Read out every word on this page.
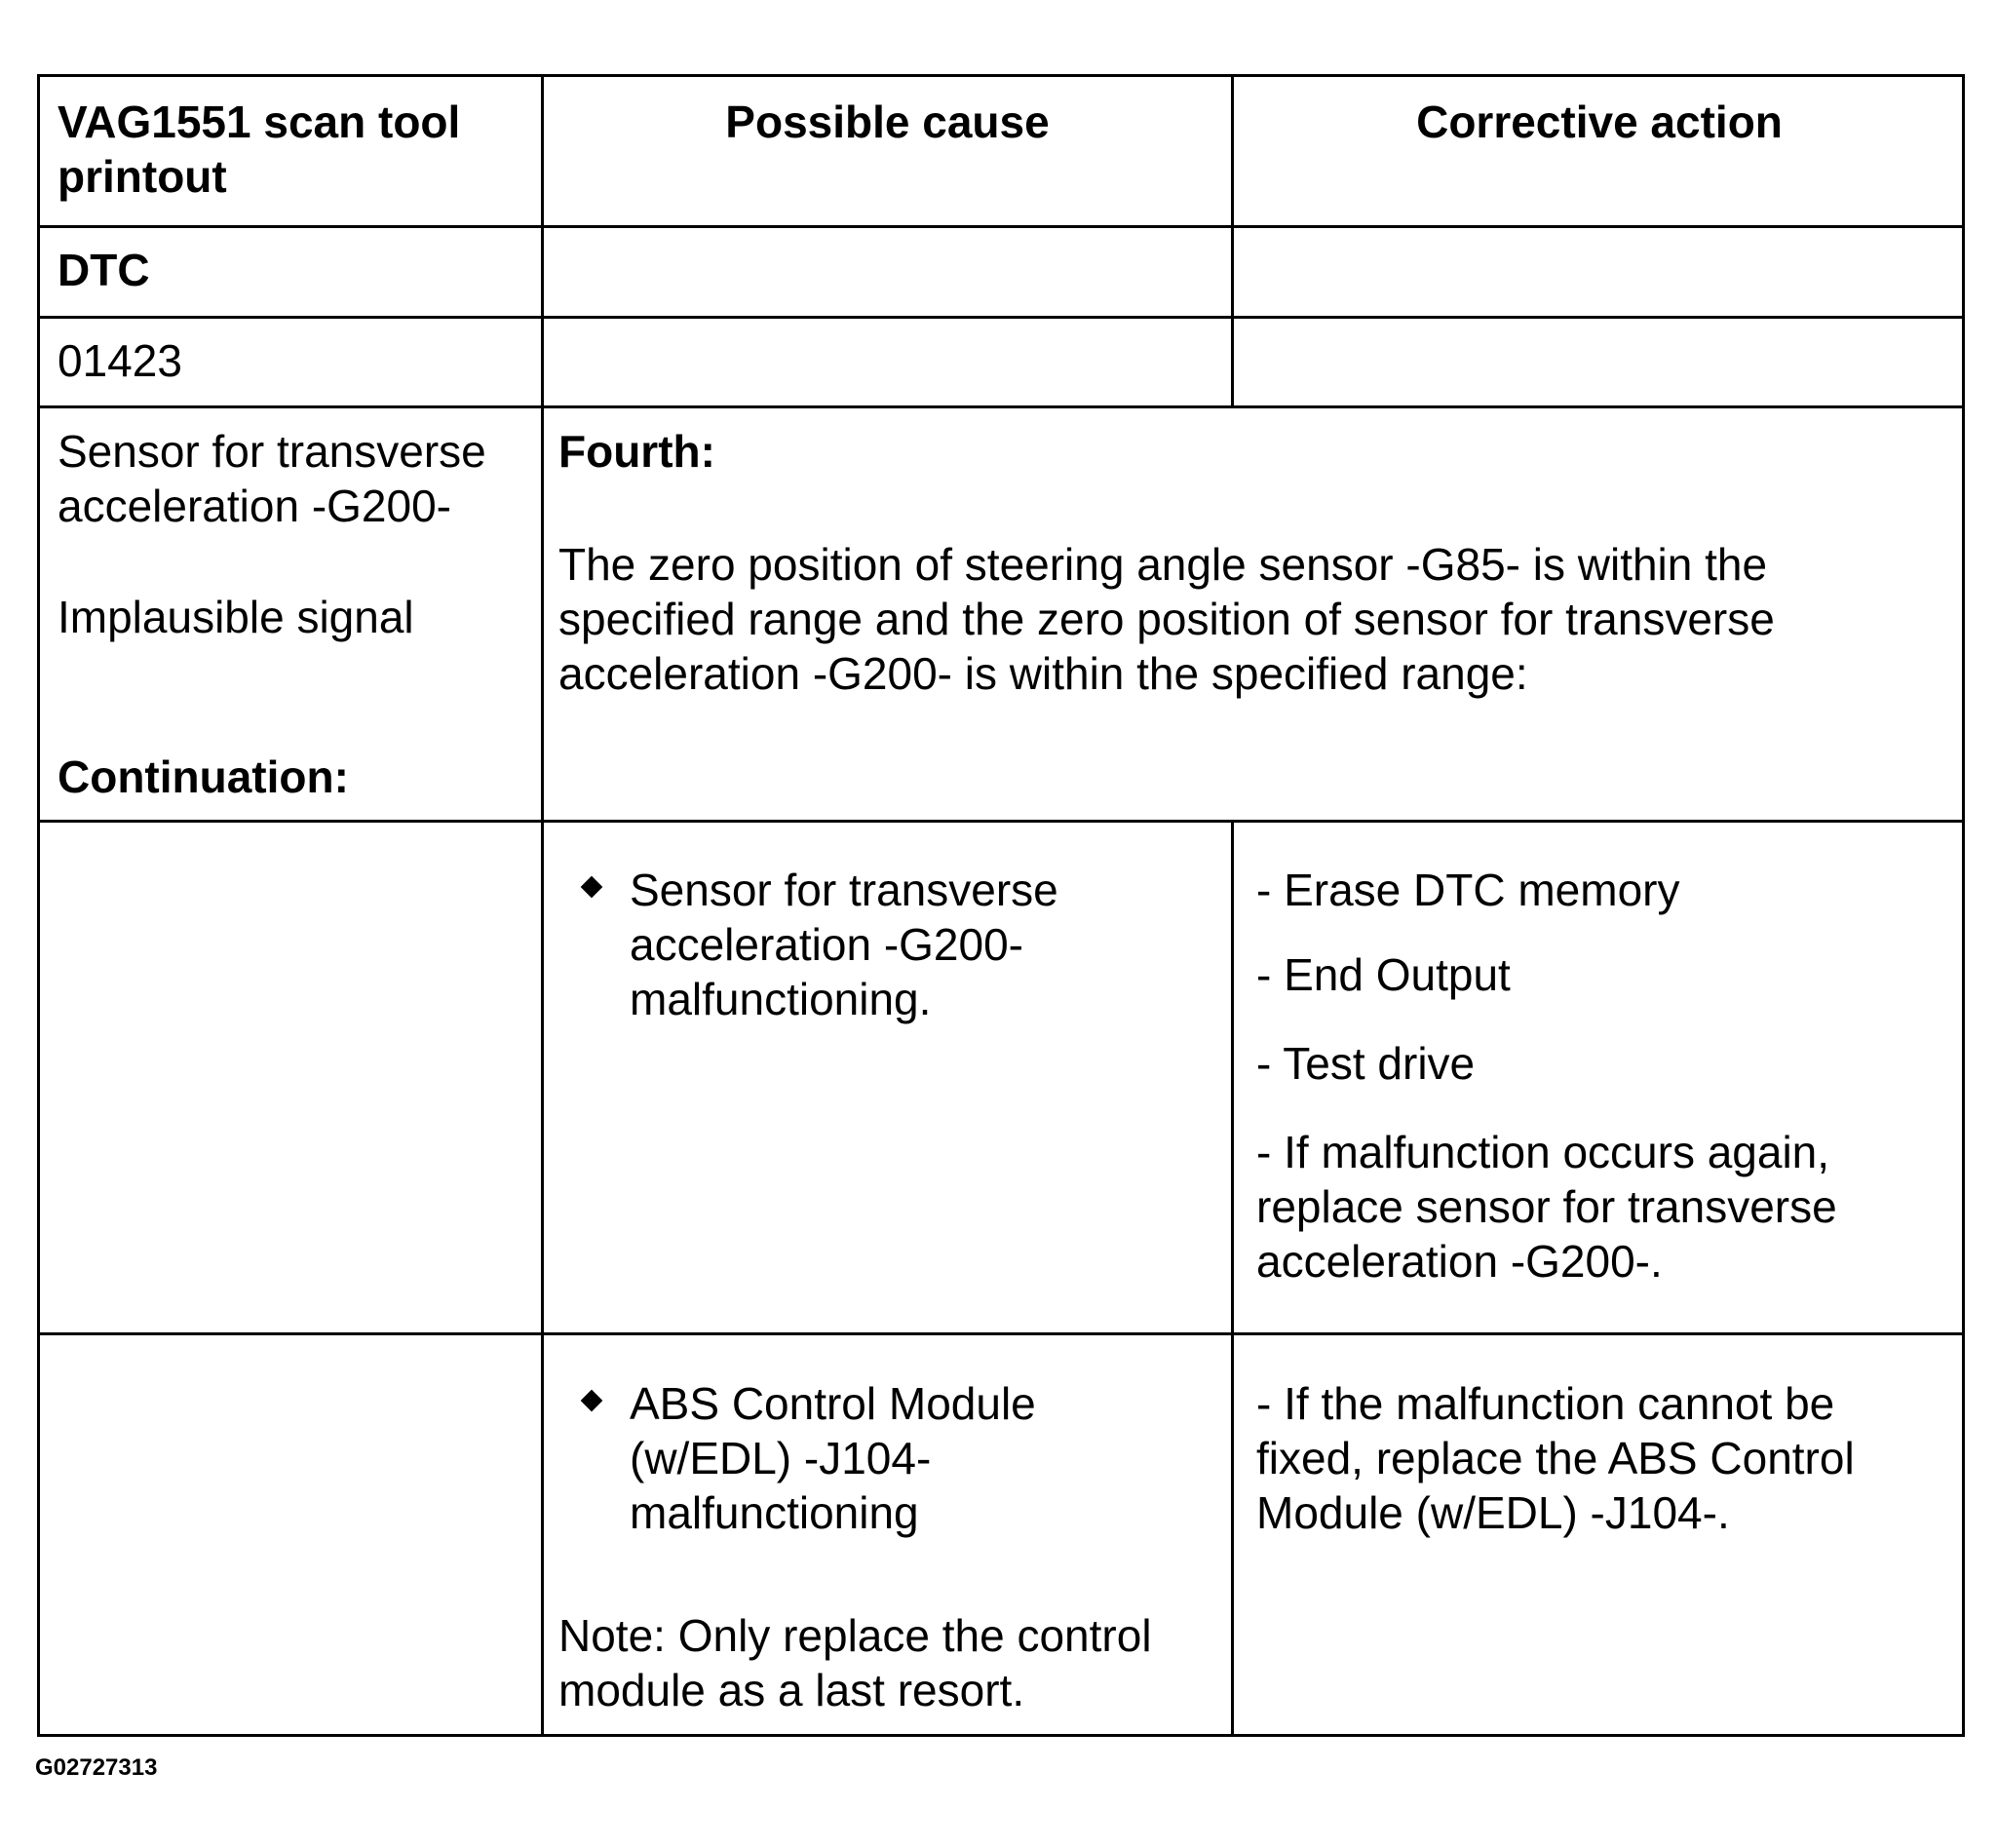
VAG1551 scan tool
printout
Possible cause	Corrective action
DTC
01423
Sensor for transverse
acceleration -G200-
Implausible signal
Continuation:
Fourth:
The zero position of steering angle sensor -G85- is within the
specified range and the zero position of sensor for transverse
acceleration -G200- is within the specified range:
Sensor for transverse
acceleration -G200-
malfunctioning.
- Erase DTC memory
- End Output
- Test drive
- If malfunction occurs again,
replace sensor for transverse
acceleration -G200-.
ABS Control Module
(w/EDL) -J104-
malfunctioning
Note: Only replace the control
module as a last resort.
- If the malfunction cannot be
fixed, replace the ABS Control
Module (w/EDL) -J104-.
G02727313
